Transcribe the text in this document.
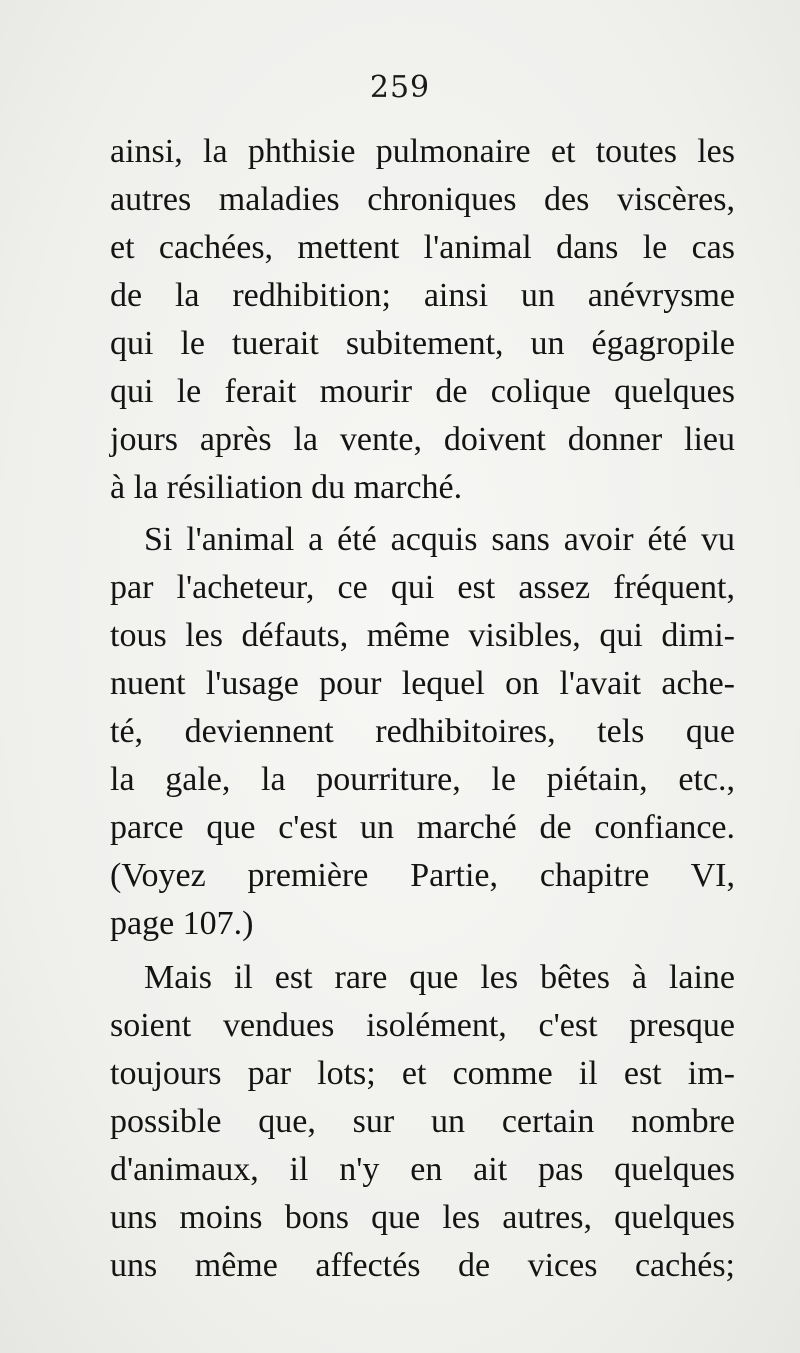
259
ainsi, la phthisie pulmonaire et toutes les
autres maladies chroniques des viscères,
et cachées, mettent l'animal dans le cas
de la redhibition; ainsi un anévrysme
qui le tuerait subitement, un égagropile
qui le ferait mourir de colique quelques
jours après la vente, doivent donner lieu
à la résiliation du marché.
Si l'animal a été acquis sans avoir été vu
par l'acheteur, ce qui est assez fréquent,
tous les défauts, même visibles, qui dimi-
nuent l'usage pour lequel on l'avait ache-
té, deviennent redhibitoires, tels que
la gale, la pourriture, le piétain, etc.,
parce que c'est un marché de confiance.
(Voyez première Partie, chapitre VI,
page 107.)
Mais il est rare que les bêtes à laine
soient vendues isolément, c'est presque
toujours par lots; et comme il est im-
possible que, sur un certain nombre
d'animaux, il n'y en ait pas quelques
uns moins bons que les autres, quelques
uns même affectés de vices cachés;
